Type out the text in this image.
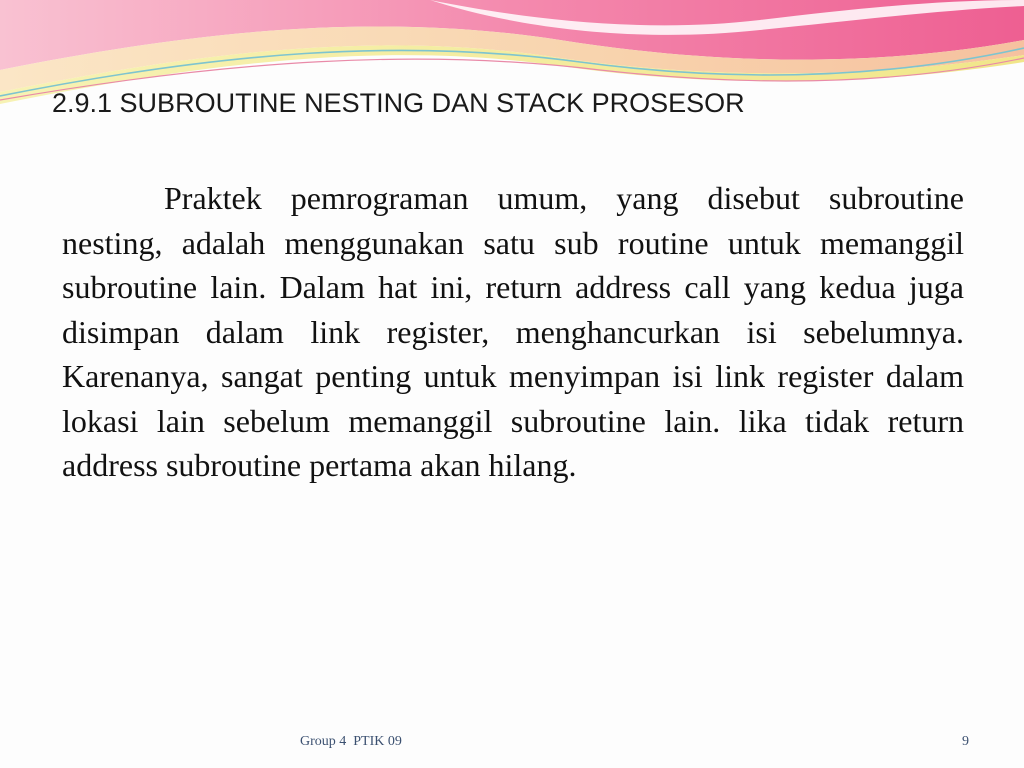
2.9.1 SUBROUTINE NESTING DAN STACK PROSESOR

Praktek pemrograman umum, yang disebut subroutine nesting, adalah menggunakan satu sub routine untuk memanggil subroutine lain. Dalam hat ini, return address call yang kedua juga disimpan dalam link register, menghancurkan isi sebelumnya. Karenanya, sangat penting untuk menyimpan isi link register dalam lokasi lain sebelum memanggil subroutine lain. lika tidak return address subroutine pertama akan hilang.

Group 4  PTIK 09	9
